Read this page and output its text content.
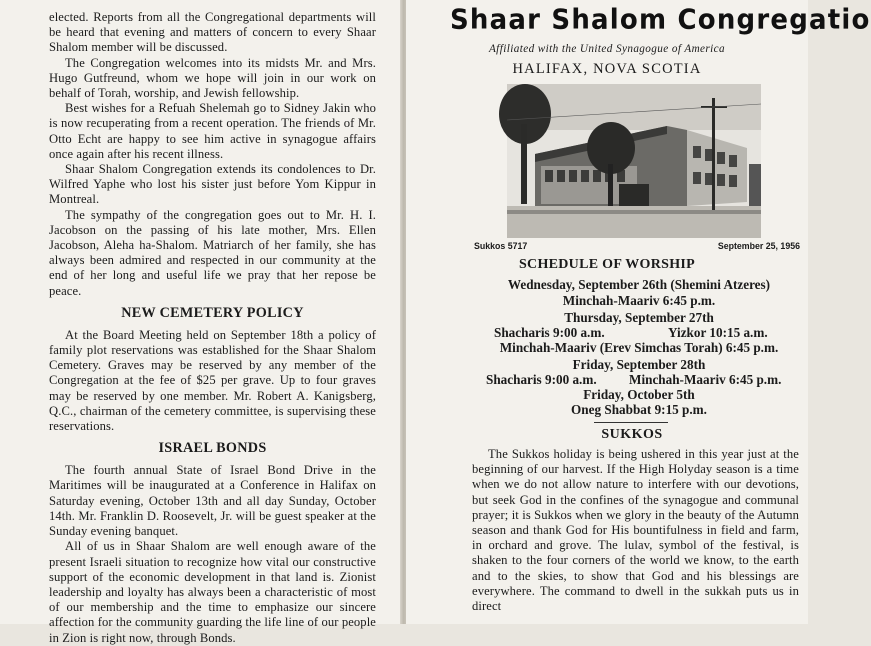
elected. Reports from all the Congregational departments will be heard that evening and matters of concern to every Shaar Shalom member will be discussed.

The Congregation welcomes into its midsts Mr. and Mrs. Hugo Gutfreund, whom we hope will join in our work on behalf of Torah, worship, and Jewish fellowship.

Best wishes for a Refuah Shelemah go to Sidney Jakin who is now recuperating from a recent operation. The friends of Mr. Otto Echt are happy to see him active in synagogue affairs once again after his recent illness.

Shaar Shalom Congregation extends its condolences to Dr. Wilfred Yaphe who lost his sister just before Yom Kippur in Montreal.

The sympathy of the congregation goes out to Mr. H. I. Jacobson on the passing of his late mother, Mrs. Ellen Jacobson, Aleha ha-Shalom. Matriarch of her family, she has always been admired and respected in our community at the end of her long and useful life we pray that her repose be peace.

NEW CEMETERY POLICY

At the Board Meeting held on September 18th a policy of family plot reservations was established for the Shaar Shalom Cemetery. Graves may be reserved by any member of the Congregation at the fee of $25 per grave. Up to four graves may be reserved by one member. Mr. Robert A. Kanigsberg, Q.C., chairman of the cemetery committee, is supervising these reservations.

ISRAEL BONDS

The fourth annual State of Israel Bond Drive in the Maritimes will be inaugurated at a Conference in Halifax on Saturday evening, October 13th and all day Sunday, October 14th. Mr. Franklin D. Roosevelt, Jr. will be guest speaker at the Sunday evening banquet.

All of us in Shaar Shalom are well enough aware of the present Israeli situation to recognize how vital our constructive support of the economic development in that land is. Zionist leadership and loyalty has always been a characteristic of most of our membership and the time to emphasize our sincere affection for the community guarding the life line of our people in Zion is right now, through Bonds.

Shaar Shalom Congregatio
Affiliated with the United Synagogue of America
HALIFAX, NOVA SCOTIA
Sukkos 5717	September 25, 1956
SCHEDULE OF WORSHIP
Wednesday, September 26th (Shemini Atzeres)
Minchah-Maariv 6:45 p.m.
Thursday, September 27th
Shacharis 9:00 a.m.	Yizkor 10:15 a.m.
Minchah-Maariv (Erev Simchas Torah) 6:45 p.m.
Friday, September 28th
Shacharis 9:00 a.m. Minchah-Maariv 6:45 p.m.
Friday, October 5th
Oneg Shabbat 9:15 p.m.
SUKKOS

The Sukkos holiday is being ushered in this year just at the beginning of our harvest. If the High Holyday season is a time when we do not allow nature to interfere with our devotions, but seek God in the confines of the synagogue and communal prayer; it is Sukkos when we glory in the beauty of the Autumn season and thank God for His bountifulness in field and farm, in orchard and grove. The lulav, symbol of the festival, is shaken to the four corners of the world we know, to the earth and to the skies, to show that God and his blessings are everywhere. The command to dwell in the sukkah puts us in direct
